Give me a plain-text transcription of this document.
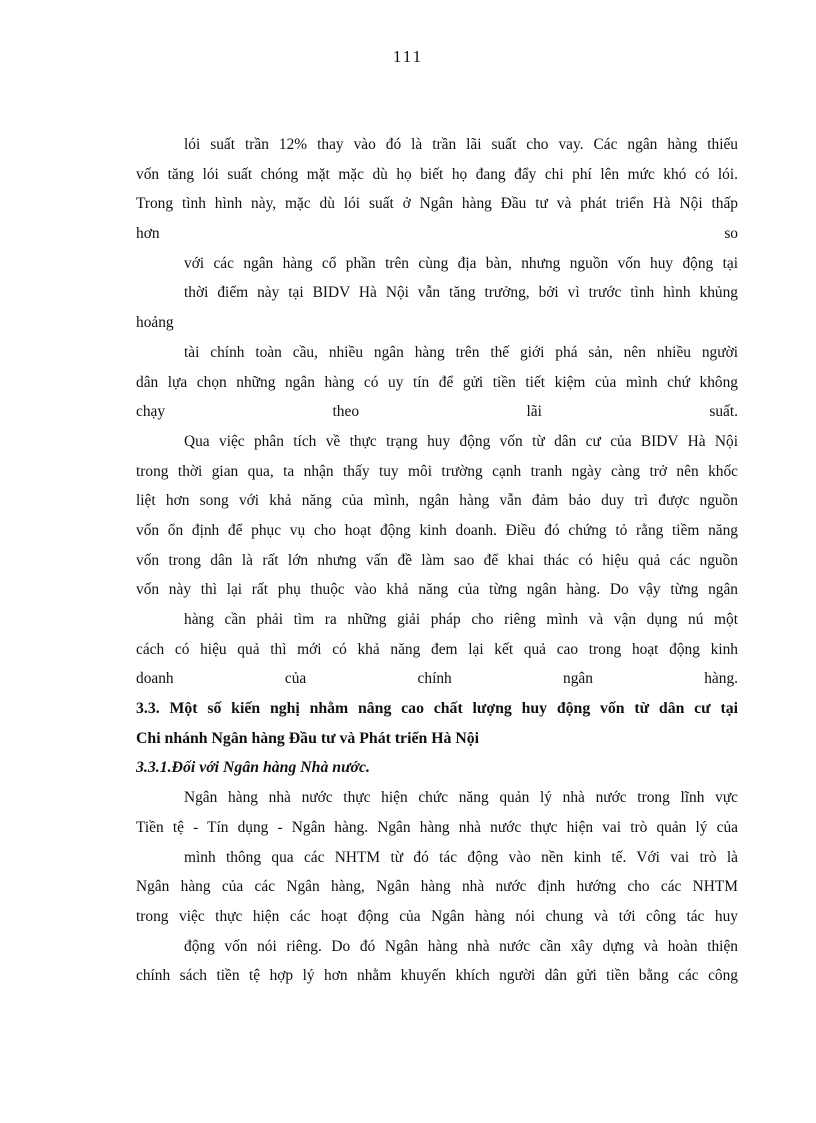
111
lói suất trần 12% thay vào đó là trần lãi suất cho vay. Các ngân hàng thiếu
vốn tăng lói suất chóng mặt mặc dù họ biết họ đang đẩy chi phí lên mức khó có lói.
Trong tình hình này, mặc dù lói suất ở Ngân hàng Đầu tư và phát triển Hà Nội thấp
hơn so
với các ngân hàng cổ phần trên cùng địa bàn, nhưng nguồn vốn huy động tại
thời điểm này tại BIDV Hà Nội vẫn tăng trưởng, bởi vì trước tình hình khủng
hoảng
tài chính toàn cầu, nhiều ngân hàng trên thế giới phá sản, nên nhiều người
dân lựa chọn những ngân hàng có uy tín để gửi tiền tiết kiệm của mình chứ không
chạy theo lãi suất.
Qua việc phân tích về thực trạng huy động vốn từ dân cư của BIDV Hà Nội
trong thời gian qua, ta nhận thấy tuy môi trường cạnh tranh ngày càng trở nên khốc
liệt hơn song với khả năng của mình, ngân hàng vẫn đảm bảo duy trì được nguồn
vốn ổn định để phục vụ cho hoạt động kinh doanh. Điều đó chứng tỏ rằng tiềm năng
vốn trong dân là rất lớn nhưng vấn đề làm sao để khai thác có hiệu quả các nguồn
vốn này thì lại rất phụ thuộc vào khả năng của từng ngân hàng. Do vậy từng ngân
hàng cần phải tìm ra những giải pháp cho riêng mình và vận dụng nú một
cách có hiệu quả thì mới có khả năng đem lại kết quả cao trong hoạt động kinh
doanh của chính ngân hàng.
3.3. Một số kiến nghị nhằm nâng cao chất lượng huy động vốn từ dân cư tại
Chi nhánh Ngân hàng Đầu tư và Phát triển Hà Nội
3.3.1.Đối với Ngân hàng Nhà nước.
Ngân hàng nhà nước thực hiện chức năng quản lý nhà nước trong lĩnh vực
Tiền tệ - Tín dụng - Ngân hàng. Ngân hàng nhà nước thực hiện vai trò quản lý của
mình thông qua các NHTM từ đó tác động vào nền kinh tế. Với vai trò là
Ngân hàng của các Ngân hàng, Ngân hàng nhà nước định hướng cho các NHTM
trong việc thực hiện các hoạt động của Ngân hàng nói chung và tới công tác huy
động vốn nói riêng. Do đó Ngân hàng nhà nước cần xây dựng và hoàn thiện
chính sách tiền tệ hợp lý hơn nhằm khuyến khích người dân gửi tiền bằng các công
